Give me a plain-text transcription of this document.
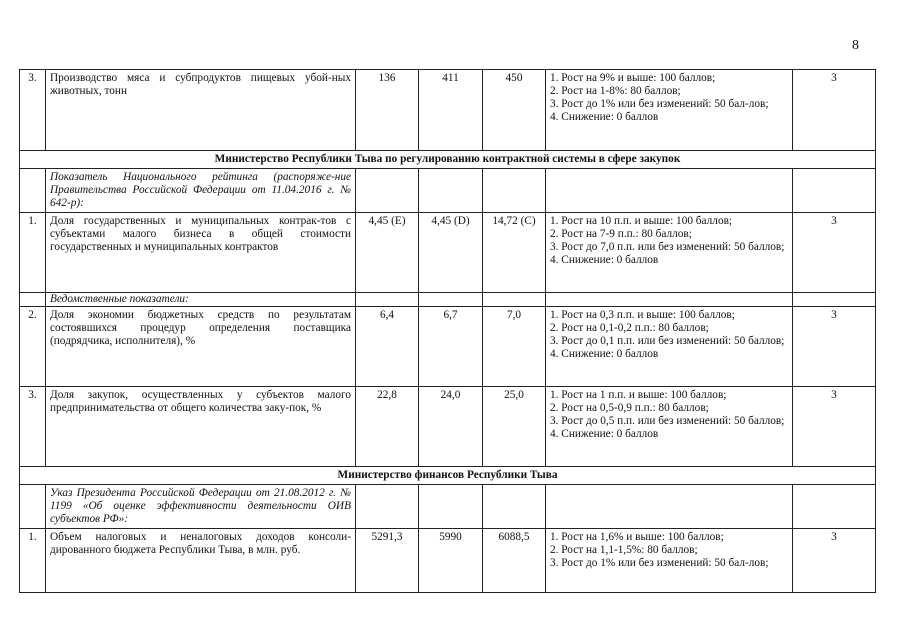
8
3.	Производство мяса и субпродуктов пищевых убой-ных животных, тонн	136	411	450	1. Рост на 9% и выше: 100 баллов;
2. Рост на 1-8%: 80 баллов;
3. Рост до 1% или без изменений: 50 бал-лов;
4. Снижение: 0 баллов	3
Министерство Республики Тыва по регулированию контрактной системы в сфере закупок						
	Показатель Национального рейтинга (распоряже-ние Правительства Российской Федерации от 11.04.2016 г. № 642-р):					
1.	Доля государственных и муниципальных контрак-тов с субъектами малого бизнеса в общей стоимости государственных и муниципальных контрактов	4,45 (Е)	4,45 (D)	14,72 (С)	1. Рост на 10 п.п. и выше: 100 баллов;
2. Рост на 7-9 п.п.: 80 баллов;
3. Рост до 7,0 п.п. или без изменений: 50 баллов;
4. Снижение: 0 баллов	3
	Ведомственные показатели:					
2.	Доля экономии бюджетных средств по результатам состоявшихся процедур определения поставщика (подрядчика, исполнителя), %	6,4	6,7	7,0	1. Рост на 0,3 п.п. и выше: 100 баллов;
2. Рост на 0,1-0,2 п.п.: 80 баллов;
3. Рост до 0,1 п.п. или без изменений: 50 баллов;
4. Снижение: 0 баллов	3
3.	Доля закупок, осуществленных у субъектов малого предпринимательства от общего количества заку-пок, %	22,8	24,0	25,0	1. Рост на 1 п.п. и выше: 100 баллов;
2. Рост на 0,5-0,9 п.п.: 80 баллов;
3. Рост до 0,5 п.п. или без изменений: 50 баллов;
4. Снижение: 0 баллов	3
Министерство финансов Республики Тыва						
	Указ Президента Российской Федерации от 21.08.2012 г. № 1199 «Об оценке эффективности деятельности ОИВ субъектов РФ»:					
1.	Объем налоговых и неналоговых доходов консоли-дированного бюджета Республики Тыва, в млн. руб.	5291,3	5990	6088,5	1. Рост на 1,6% и выше: 100 баллов;
2. Рост на 1,1-1,5%: 80 баллов;
3. Рост до 1% или без изменений: 50 бал-лов;	3
